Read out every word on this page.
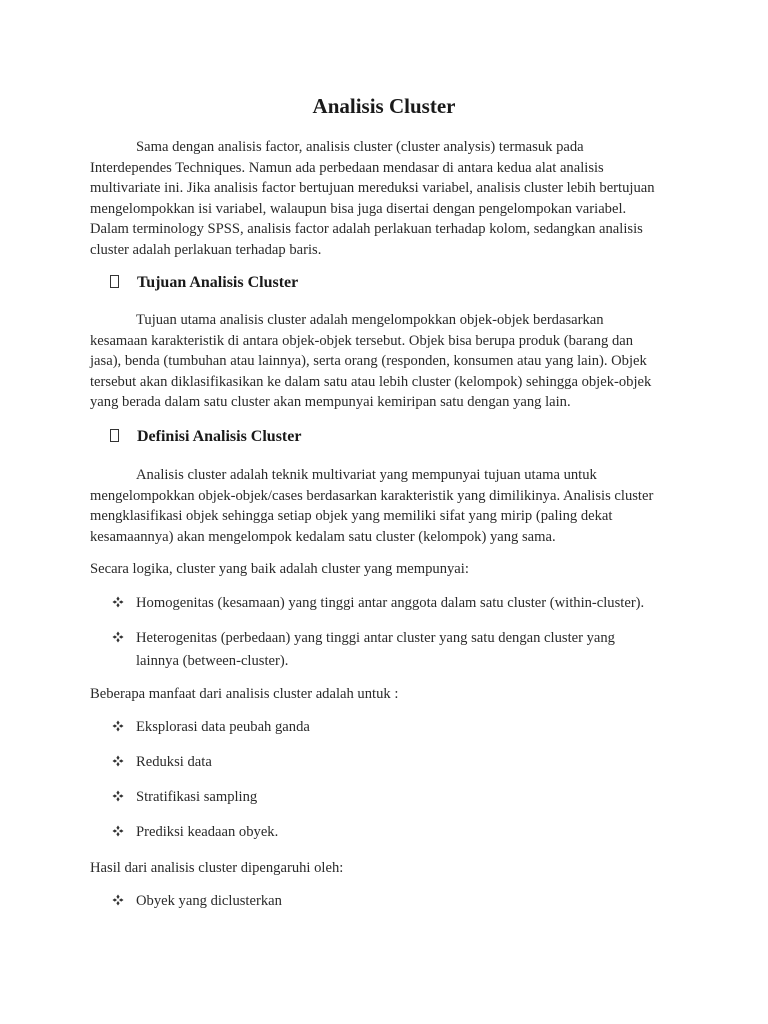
Analisis Cluster
Sama dengan analisis factor, analisis cluster (cluster analysis) termasuk pada
Interdependes Techniques. Namun ada perbedaan mendasar di antara kedua alat analisis
multivariate ini. Jika analisis factor bertujuan mereduksi variabel, analisis cluster lebih bertujuan
mengelompokkan isi variabel, walaupun bisa juga disertai dengan pengelompokan variabel.
Dalam terminology SPSS, analisis factor adalah perlakuan terhadap kolom, sedangkan analisis
cluster adalah perlakuan terhadap baris.
Tujuan Analisis Cluster
Tujuan utama analisis cluster adalah mengelompokkan objek-objek berdasarkan
kesamaan karakteristik di antara objek-objek tersebut. Objek bisa berupa produk (barang dan
jasa), benda (tumbuhan atau lainnya), serta orang (responden, konsumen atau yang lain). Objek
tersebut akan diklasifikasikan ke dalam satu atau lebih cluster (kelompok) sehingga objek-objek
yang berada dalam satu cluster akan mempunyai kemiripan satu dengan yang lain.
Definisi Analisis Cluster
Analisis cluster adalah teknik multivariat yang mempunyai tujuan utama untuk
mengelompokkan objek-objek/cases berdasarkan karakteristik yang dimilikinya. Analisis cluster
mengklasifikasi objek sehingga setiap objek yang memiliki sifat yang mirip (paling dekat
kesamaannya) akan mengelompok kedalam satu cluster (kelompok) yang sama.
Secara logika, cluster yang baik adalah cluster yang mempunyai:
Homogenitas (kesamaan) yang tinggi antar anggota dalam satu cluster (within-cluster).
Heterogenitas (perbedaan) yang tinggi antar cluster yang satu dengan cluster yang
lainnya (between-cluster).
Beberapa manfaat dari analisis cluster adalah untuk :
Eksplorasi data peubah ganda
Reduksi data
Stratifikasi sampling
Prediksi keadaan obyek.
Hasil dari analisis cluster dipengaruhi oleh:
Obyek yang diclusterkan
